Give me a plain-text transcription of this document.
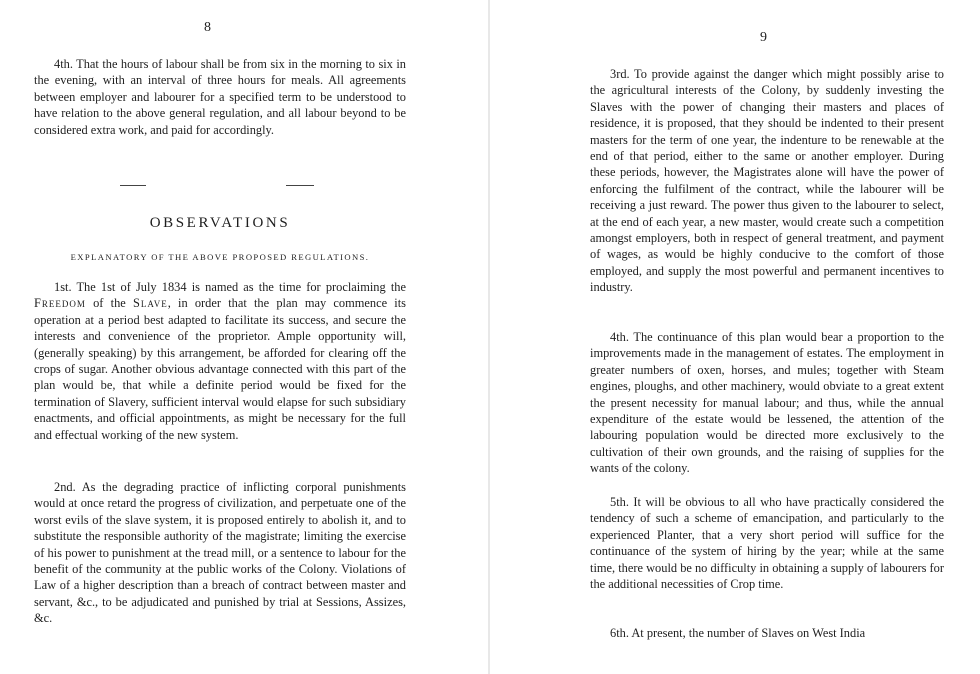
8

4th. That the hours of labour shall be from six in the morning to six in the evening, with an interval of three hours for meals. All agreements between employer and labourer for a specified term to be understood to have relation to the above general regulation, and all labour beyond to be considered extra work, and paid for accordingly.

OBSERVATIONS
EXPLANATORY OF THE ABOVE PROPOSED REGULATIONS.

1st. The 1st of July 1834 is named as the time for proclaiming the Freedom of the Slave, in order that the plan may commence its operation at a period best adapted to facilitate its success, and secure the interests and convenience of the proprietor. Ample opportunity will, (generally speaking) by this arrangement, be afforded for clearing off the crops of sugar. Another obvious advantage connected with this part of the plan would be, that while a definite period would be fixed for the termination of Slavery, sufficient interval would elapse for such subsidiary enactments, and official appointments, as might be necessary for the full and effectual working of the new system.

2nd. As the degrading practice of inflicting corporal punishments would at once retard the progress of civilization, and perpetuate one of the worst evils of the slave system, it is proposed entirely to abolish it, and to substitute the responsible authority of the magistrate; limiting the exercise of his power to punishment at the tread mill, or a sentence to labour for the benefit of the community at the public works of the Colony. Violations of Law of a higher description than a breach of contract between master and servant, &c., to be adjudicated and punished by trial at Sessions, Assizes, &c.

9

3rd. To provide against the danger which might possibly arise to the agricultural interests of the Colony, by suddenly investing the Slaves with the power of changing their masters and places of residence, it is proposed, that they should be indented to their present masters for the term of one year, the indenture to be renewable at the end of that period, either to the same or another employer. During these periods, however, the Magistrates alone will have the power of enforcing the fulfilment of the contract, while the labourer will be receiving a just reward. The power thus given to the labourer to select, at the end of each year, a new master, would create such a competition amongst employers, both in respect of general treatment, and payment of wages, as would be highly conducive to the comfort of those employed, and supply the most powerful and permanent incentives to industry.

4th. The continuance of this plan would bear a proportion to the improvements made in the management of estates. The employment in greater numbers of oxen, horses, and mules; together with Steam engines, ploughs, and other machinery, would obviate to a great extent the present necessity for manual labour; and thus, while the annual expenditure of the estate would be lessened, the attention of the labouring population would be directed more exclusively to the cultivation of their own grounds, and the raising of supplies for the wants of the colony.

5th. It will be obvious to all who have practically considered the tendency of such a scheme of emancipation, and particularly to the experienced Planter, that a very short period will suffice for the continuance of the system of hiring by the year; while at the same time, there would be no difficulty in obtaining a supply of labourers for the additional necessities of Crop time.

6th. At present, the number of Slaves on West India
